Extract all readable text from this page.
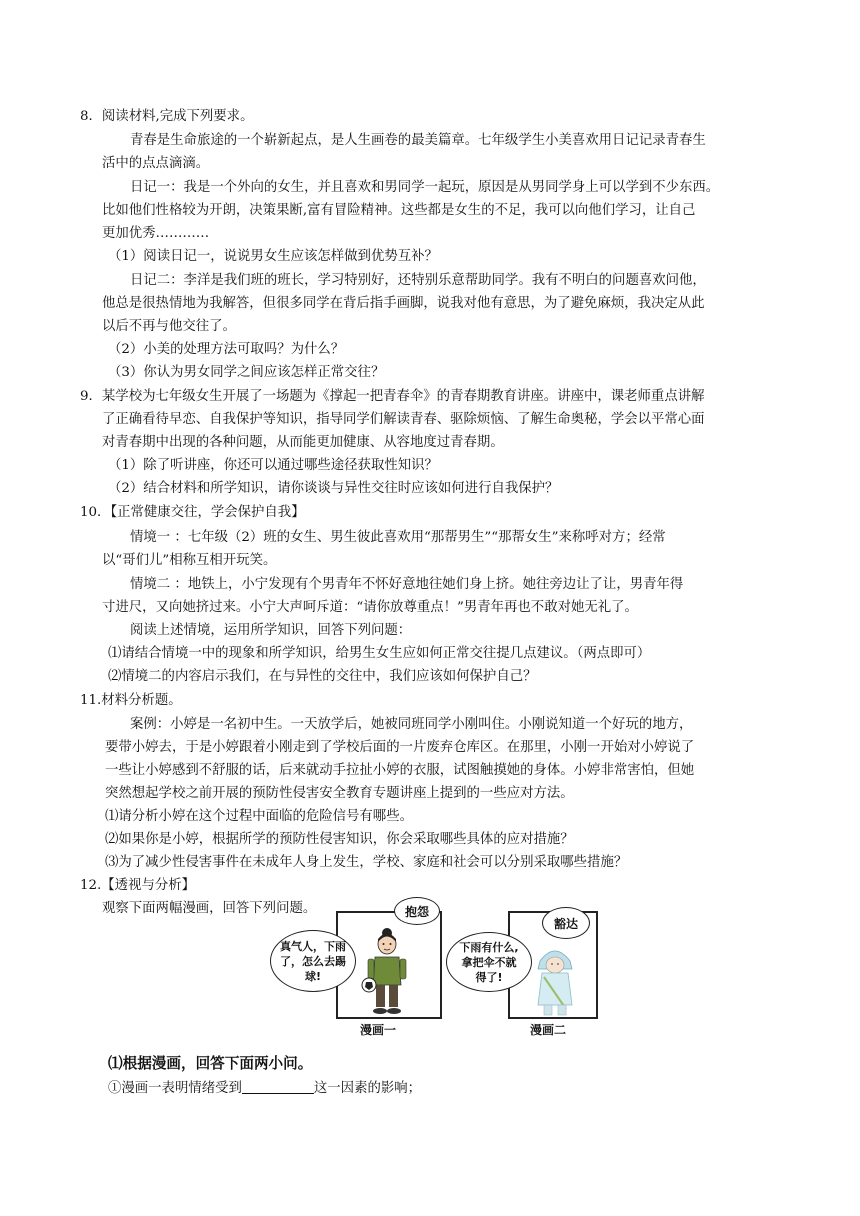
8．阅读材料,完成下列要求。
青春是生命旅途的一个崭新起点，是人生画卷的最美篇章。七年级学生小美喜欢用日记记录青春生
活中的点点滴滴。
日记一：我是一个外向的女生，并且喜欢和男同学一起玩，原因是从男同学身上可以学到不少东西。
比如他们性格较为开朗，决策果断,富有冒险精神。这些都是女生的不足，我可以向他们学习，让自己
更加优秀…………
（1）阅读日记一，说说男女生应该怎样做到优势互补？
日记二：李洋是我们班的班长，学习特别好，还特别乐意帮助同学。我有不明白的问题喜欢问他，
他总是很热情地为我解答，但很多同学在背后指手画脚，说我对他有意思，为了避免麻烦，我决定从此
以后不再与他交往了。
（2）小美的处理方法可取吗？为什么？
（3）你认为男女同学之间应该怎样正常交往？
9．某学校为七年级女生开展了一场题为《撑起一把青春伞》的青春期教育讲座。讲座中，课老师重点讲解
了正确看待早恋、自我保护等知识，指导同学们解读青春、驱除烦恼、了解生命奥秘，学会以平常心面
对青春期中出现的各种问题，从而能更加健康、从容地度过青春期。
（1）除了听讲座，你还可以通过哪些途径获取性知识？
（2）结合材料和所学知识，请你谈谈与异性交往时应该如何进行自我保护？
10．【正常健康交往，学会保护自我】
情境一 ：七年级（2）班的女生、男生彼此喜欢用“那帮男生”“那帮女生”来称呼对方；经常
以“哥们儿”相称互相开玩笑。
情境二 ：地铁上，小宁发现有个男青年不怀好意地往她们身上挤。她往旁边让了让，男青年得
寸进尺，又向她挤过来。小宁大声呵斥道：“请你放尊重点！”男青年再也不敢对她无礼了。
阅读上述情境，运用所学知识，回答下列问题：
⑴请结合情境一中的现象和所学知识，给男生女生应如何正常交往提几点建议。（两点即可）
⑵情境二的内容启示我们，在与异性的交往中，我们应该如何保护自己？
11.材料分析题。
案例：小婷是一名初中生。一天放学后，她被同班同学小刚叫住。小刚说知道一个好玩的地方，
要带小婷去，于是小婷跟着小刚走到了学校后面的一片废弃仓库区。在那里，小刚一开始对小婷说了
一些让小婷感到不舒服的话，后来就动手拉扯小婷的衣服，试图触摸她的身体。小婷非常害怕，但她
突然想起学校之前开展的预防性侵害安全教育专题讲座上提到的一些应对方法。
⑴请分析小婷在这个过程中面临的危险信号有哪些。
⑵如果你是小婷，根据所学的预防性侵害知识，你会采取哪些具体的应对措施？
⑶为了减少性侵害事件在未成年人身上发生，学校、家庭和社会可以分别采取哪些措施？
12.【透视与分析】
观察下面两幅漫画，回答下列问题。
真气人，下雨
了，怎么去踢
球!
抱怨
漫画一
下雨有什么,
拿把伞不就
得了!
豁达
漫画二
⑴根据漫画，回答下面两小问。
①漫画一表明情绪受到	这一因素的影响；
